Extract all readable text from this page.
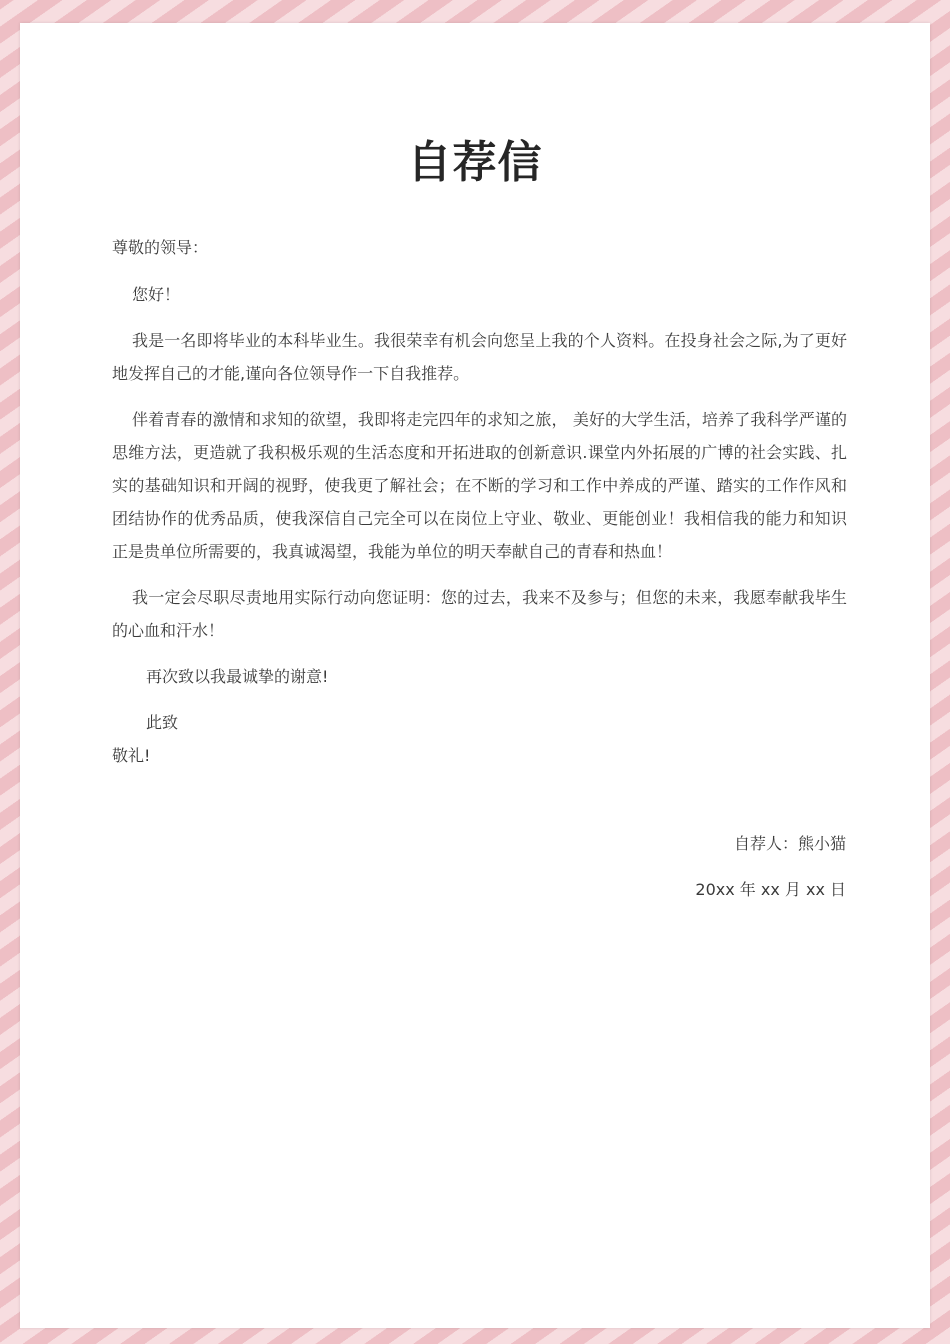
自荐信

尊敬的领导：

您好！

我是一名即将毕业的本科毕业生。我很荣幸有机会向您呈上我的个人资料。在投身社会之际,为了更好地发挥自己的才能,谨向各位领导作一下自我推荐。

伴着青春的激情和求知的欲望，我即将走完四年的求知之旅， 美好的大学生活，培养了我科学严谨的思维方法，更造就了我积极乐观的生活态度和开拓进取的创新意识.课堂内外拓展的广博的社会实践、扎实的基础知识和开阔的视野，使我更了解社会；在不断的学习和工作中养成的严谨、踏实的工作作风和团结协作的优秀品质，使我深信自己完全可以在岗位上守业、敬业、更能创业！我相信我的能力和知识正是贵单位所需要的，我真诚渴望，我能为单位的明天奉献自己的青春和热血！

我一定会尽职尽责地用实际行动向您证明：您的过去，我来不及参与；但您的未来，我愿奉献我毕生的心血和汗水！

再次致以我最诚挚的谢意!

此致

敬礼!

自荐人：熊小猫

20xx 年 xx 月 xx 日
